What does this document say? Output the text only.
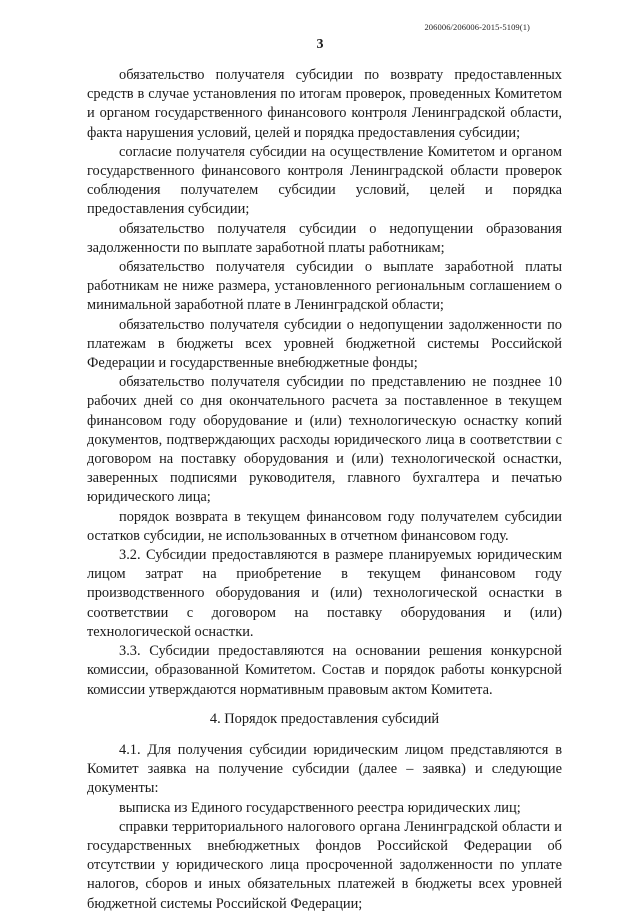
206006/206006-2015-5109(1)
3

обязательство получателя субсидии по возврату предоставленных средств в случае установления по итогам проверок, проведенных Комитетом и органом государственного финансового контроля Ленинградской области, факта нарушения условий, целей и порядка предоставления субсидии;

согласие получателя субсидии на осуществление Комитетом и органом государственного финансового контроля Ленинградской области проверок соблюдения получателем субсидии условий, целей и порядка предоставления субсидии;

обязательство получателя субсидии о недопущении образования задолженности по выплате заработной платы работникам;

обязательство получателя субсидии о выплате заработной платы работникам не ниже размера, установленного региональным соглашением о минимальной заработной плате в Ленинградской области;

обязательство получателя субсидии о недопущении задолженности по платежам в бюджеты всех уровней бюджетной системы Российской Федерации и государственные внебюджетные фонды;

обязательство получателя субсидии по представлению не позднее 10 рабочих дней со дня окончательного расчета за поставленное в текущем финансовом году оборудование и (или) технологическую оснастку копий документов, подтверждающих расходы юридического лица в соответствии с договором на поставку оборудования и (или) технологической оснастки, заверенных подписями руководителя, главного бухгалтера и печатью юридического лица;

порядок возврата в текущем финансовом году получателем субсидии остатков субсидии, не использованных в отчетном финансовом году.

3.2. Субсидии предоставляются в размере планируемых юридическим лицом затрат на приобретение в текущем финансовом году производственного оборудования и (или) технологической оснастки в соответствии с договором на поставку оборудования и (или) технологической оснастки.

3.3. Субсидии предоставляются на основании решения конкурсной комиссии, образованной Комитетом. Состав и порядок работы конкурсной комиссии утверждаются нормативным правовым актом Комитета.

4. Порядок предоставления субсидий

4.1. Для получения субсидии юридическим лицом представляются в Комитет заявка на получение субсидии (далее – заявка) и следующие документы:

выписка из Единого государственного реестра юридических лиц;

справки территориального налогового органа Ленинградской области и государственных внебюджетных фондов Российской Федерации об отсутствии у юридического лица просроченной задолженности по уплате налогов, сборов и иных обязательных платежей в бюджеты всех уровней бюджетной системы Российской Федерации;
